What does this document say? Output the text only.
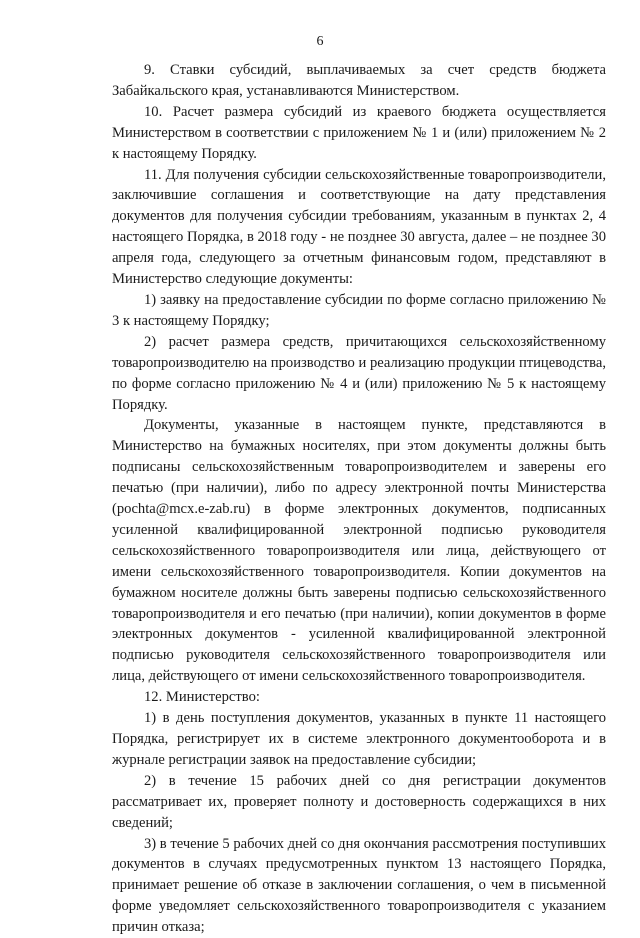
6

9. Ставки субсидий, выплачиваемых за счет средств бюджета Забайкальского края, устанавливаются Министерством.

10. Расчет размера субсидий из краевого бюджета осуществляется Министерством в соответствии с приложением № 1 и (или) приложением № 2 к настоящему Порядку.

11. Для получения субсидии сельскохозяйственные товаропроизводители, заключившие соглашения и соответствующие на дату представления документов для получения субсидии требованиям, указанным в пунктах 2, 4 настоящего Порядка, в 2018 году - не позднее 30 августа, далее – не позднее 30 апреля года, следующего за отчетным финансовым годом, представляют в Министерство следующие документы:

1) заявку на предоставление субсидии по форме согласно приложению № 3 к настоящему Порядку;

2) расчет размера средств, причитающихся сельскохозяйственному товаропроизводителю на производство и реализацию продукции птицеводства, по форме согласно приложению № 4 и (или) приложению № 5 к настоящему Порядку.

Документы, указанные в настоящем пункте, представляются в Министерство на бумажных носителях, при этом документы должны быть подписаны сельскохозяйственным товаропроизводителем и заверены его печатью (при наличии), либо по адресу электронной почты Министерства (pochta@mcx.e-zab.ru) в форме электронных документов, подписанных усиленной квалифицированной электронной подписью руководителя сельскохозяйственного товаропроизводителя или лица, действующего от имени сельскохозяйственного товаропроизводителя. Копии документов на бумажном носителе должны быть заверены подписью сельскохозяйственного товаропроизводителя и его печатью (при наличии), копии документов в форме электронных документов - усиленной квалифицированной электронной подписью руководителя сельскохозяйственного товаропроизводителя или лица, действующего от имени сельскохозяйственного товаропроизводителя.

12. Министерство:

1) в день поступления документов, указанных в пункте 11 настоящего Порядка, регистрирует их в системе электронного документооборота и в журнале регистрации заявок на предоставление субсидии;

2) в течение 15 рабочих дней со дня регистрации документов рассматривает их, проверяет полноту и достоверность содержащихся в них сведений;

3) в течение 5 рабочих дней со дня окончания рассмотрения поступивших документов в случаях предусмотренных пунктом 13 настоящего Порядка, принимает решение об отказе в заключении соглашения, о чем в письменной форме уведомляет сельскохозяйственного товаропроизводителя с указанием причин отказа;
